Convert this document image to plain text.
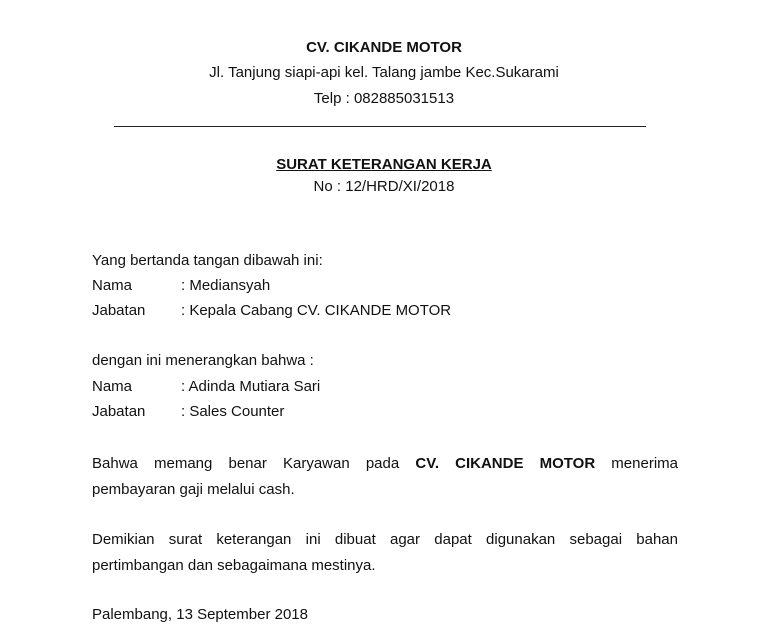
CV. CIKANDE MOTOR
Jl. Tanjung siapi-api kel. Talang jambe Kec.Sukarami
Telp : 082885031513
SURAT KETERANGAN KERJA
No : 12/HRD/XI/2018
Yang bertanda tangan dibawah ini:
Nama	: Mediansyah
Jabatan : Kepala Cabang CV. CIKANDE MOTOR
dengan ini menerangkan bahwa :
Nama	: Adinda Mutiara Sari
Jabatan : Sales Counter
Bahwa memang benar Karyawan pada CV. CIKANDE MOTOR menerima
pembayaran gaji melalui cash.
Demikian surat keterangan ini dibuat agar dapat digunakan sebagai bahan
pertimbangan dan sebagaimana mestinya.
Palembang, 13 September 2018
